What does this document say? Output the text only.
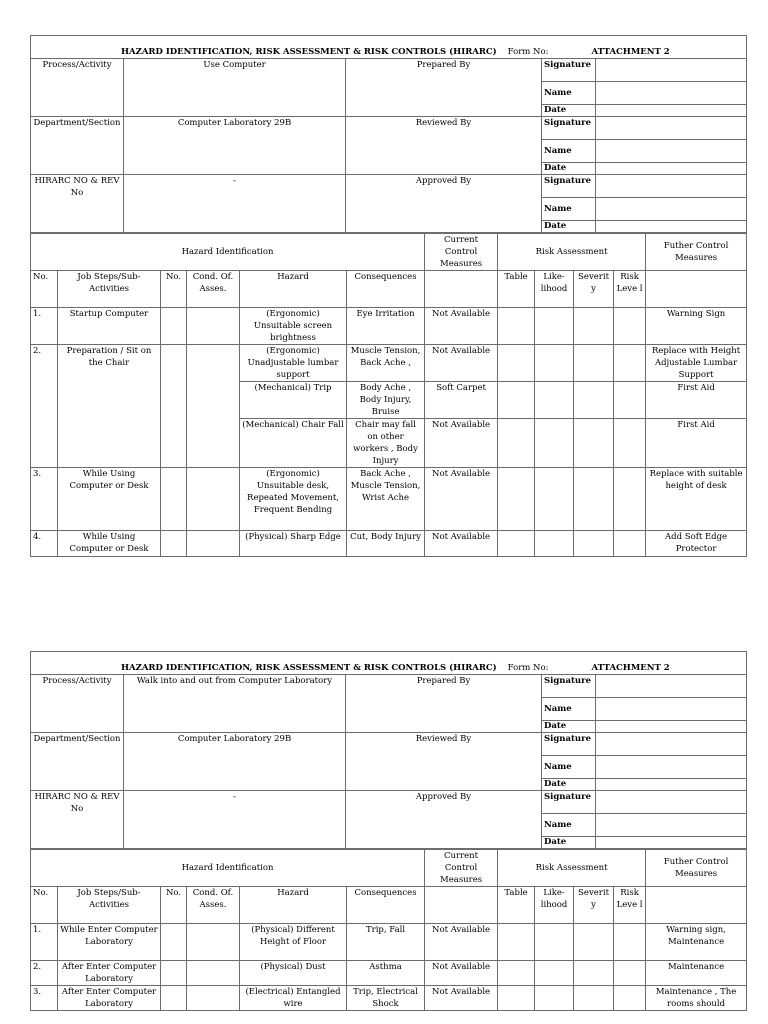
HAZARD IDENTIFICATION, RISK ASSESSMENT & RISK CONTROLS (HIRARC) Form No: ATTACHMENT 2				
Process/Activity	Use Computer	Prepared By	Signature	
			Name	
			Date	
Department/Section	Computer Laboratory 29B	Reviewed By	Signature	
			Name	
			Date	
HIRARC NO & REV No	-	Approved By	Signature	
			Name	
			Date	
Hazard Identification						Current Control Measures	Risk Assessment				Futher Control Measures
No.	Job Steps/Sub-Activities	No.	Cond. Of. Asses.	Hazard	Consequences		Table	Like-lihood	Severit y	Risk Leve l	
1.	Startup Computer			(Ergonomic) Unsuitable screen brightness	Eye Irritation	Not Available					Warning Sign
2.	Preparation / Sit on the Chair			(Ergonomic) Unadjustable lumbar support	Muscle Tension, Back Ache ,	Not Available					Replace with Height Adjustable Lumbar Support
				(Mechanical) Trip	Body Ache , Body Injury, Bruise	Soft Carpet					First Aid
				(Mechanical) Chair Fall	Chair may fall on other workers , Body Injury	Not Available					First Aid
3.	While Using Computer or Desk			(Ergonomic) Unsuitable desk, Repeated Movement, Frequent Bending	Back Ache , Muscle Tension, Wrist Ache	Not Available					Replace with suitable height of desk
4.	While Using Computer or Desk			(Physical) Sharp Edge	Cut, Body Injury	Not Available					Add Soft Edge Protector
HAZARD IDENTIFICATION, RISK ASSESSMENT & RISK CONTROLS (HIRARC) Form No: ATTACHMENT 2				
Process/Activity	Walk into and out from Computer Laboratory	Prepared By	Signature	
			Name	
			Date	
Department/Section	Computer Laboratory 29B	Reviewed By	Signature	
			Name	
			Date	
HIRARC NO & REV No	-	Approved By	Signature	
			Name	
			Date	
Hazard Identification						Current Control Measures	Risk Assessment				Futher Control Measures
No.	Job Steps/Sub-Activities	No.	Cond. Of. Asses.	Hazard	Consequences		Table	Like-lihood	Severit y	Risk Leve l	
1.	While Enter Computer Laboratory			(Physical) Different Height of Floor	Trip, Fall	Not Available					Warning sign, Maintenance
2.	After Enter Computer Laboratory			(Physical) Dust	Asthma	Not Available					Maintenance
3.	After Enter Computer Laboratory			(Electrical) Entangled wire	Trip, Electrical Shock	Not Available					Maintenance , The rooms should
